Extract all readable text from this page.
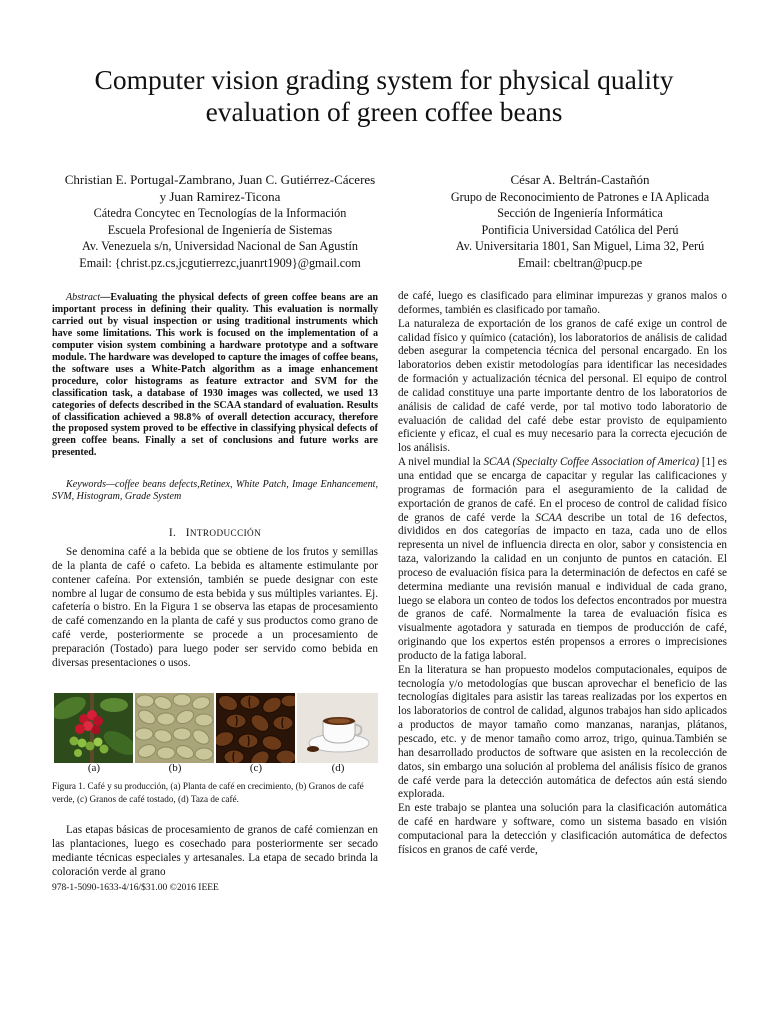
Computer vision grading system for physical quality
evaluation of green coffee beans
Christian E. Portugal-Zambrano, Juan C. Gutiérrez-Cáceres
y Juan Ramirez-Ticona
Cátedra Concytec en Tecnologías de la Información
Escuela Profesional de Ingeniería de Sistemas
Av. Venezuela s/n, Universidad Nacional de San Agustín
Email: {christ.pz.cs,jcgutierrezc,juanrt1909}@gmail.com
César A. Beltrán-Castañón
Grupo de Reconocimiento de Patrones e IA Aplicada
Sección de Ingeniería Informática
Pontificia Universidad Católica del Perú
Av. Universitaria 1801, San Miguel, Lima 32, Perú
Email: cbeltran@pucp.pe

Abstract—Evaluating the physical defects of green coffee beans are an important process in defining their quality. This evaluation is normally carried out by visual inspection or using traditional instruments which have some limitations. This work is focused on the implementation of a computer vision system combining a hardware prototype and a software module. The hardware was developed to capture the images of coffee beans, the software uses a White-Patch algorithm as a image enhancement procedure, color histograms as feature extractor and SVM for the classification task, a database of 1930 images was collected, we used 13 categories of defects described in the SCAA standard of evaluation. Results of classification achieved a 98.8% of overall detection accuracy, therefore the proposed system proved to be effective in classifying physical defects of green coffee beans. Finally a set of conclusions and future works are presented.

Keywords—coffee beans defects,Retinex, White Patch, Image Enhancement, SVM, Histogram, Grade System

I. INTRODUCCIÓN

Se denomina café a la bebida que se obtiene de los frutos y semillas de la planta de café o cafeto. La bebida es altamente estimulante por contener cafeína. Por extensión, también se puede designar con este nombre al lugar de consumo de esta bebida y sus múltiples variantes. Ej. cafetería o bistro. En la Figura 1 se observa las etapas de procesamiento de café comenzando en la planta de café y sus productos como grano de café verde, posteriormente se procede a un procesamiento de preparación (Tostado) para luego poder ser servido como bebida en diversas presentaciones o usos.

(a)	(b)	(c)	(d)
Figura 1. Café y su producción, (a) Planta de café en crecimiento, (b) Granos de café verde, (c) Granos de café tostado, (d) Taza de café.

Las etapas básicas de procesamiento de granos de café comienzan en las plantaciones, luego es cosechado para posteriormente ser secado mediante técnicas especiales y artesanales. La etapa de secado brinda la coloración verde al grano

978-1-5090-1633-4/16/$31.00 ©2016 IEEE

de café, luego es clasificado para eliminar impurezas y granos malos o deformes, también es clasificado por tamaño.

La naturaleza de exportación de los granos de café exige un control de calidad físico y químico (catación), los laboratorios de análisis de calidad deben asegurar la competencia técnica del personal encargado. En los laboratorios deben existir metodologías para identificar las necesidades de formación y actualización técnica del personal. El equipo de control de calidad constituye una parte importante dentro de los laboratorios de análisis de calidad de café verde, por tal motivo todo laboratorio de evaluación de calidad del café debe estar provisto de equipamiento eficiente y eficaz, el cual es muy necesario para la correcta ejecución de los análisis.

A nivel mundial la SCAA (Specialty Coffee Association of America) [1] es una entidad que se encarga de capacitar y regular las calificaciones y programas de formación para el aseguramiento de la calidad de exportación de granos de café. En el proceso de control de calidad físico de granos de café verde la SCAA describe un total de 16 defectos, divididos en dos categorías de impacto en taza, cada uno de ellos representa un nivel de influencia directa en olor, sabor y consistencia en taza, valorizando la calidad en un conjunto de puntos en catación. El proceso de evaluación física para la determinación de defectos en café se determina mediante una revisión manual e individual de cada grano, luego se elabora un conteo de todos los defectos encontrados por muestra de granos de café. Normalmente la tarea de evaluación física es visualmente agotadora y saturada en tiempos de producción de café, originando que los expertos estén propensos a errores o imprecisiones producto de la fatiga laboral.

En la literatura se han propuesto modelos computacionales, equipos de tecnología y/o metodologías que buscan aprovechar el beneficio de las tecnologías digitales para asistir las tareas realizadas por los expertos en los laboratorios de control de calidad, algunos trabajos han sido aplicados a productos de mayor tamaño como manzanas, naranjas, plátanos, pescado, etc. y de menor tamaño como arroz, trigo, quinua.También se han desarrollado productos de software que asisten en la recolección de datos, sin embargo una solución al problema del análisis físico de granos de café verde para la detección automática de defectos aún está siendo explorada.

En este trabajo se plantea una solución para la clasificación automática de café en hardware y software, como un sistema basado en visión computacional para la detección y clasificación automática de defectos físicos en granos de café verde,
